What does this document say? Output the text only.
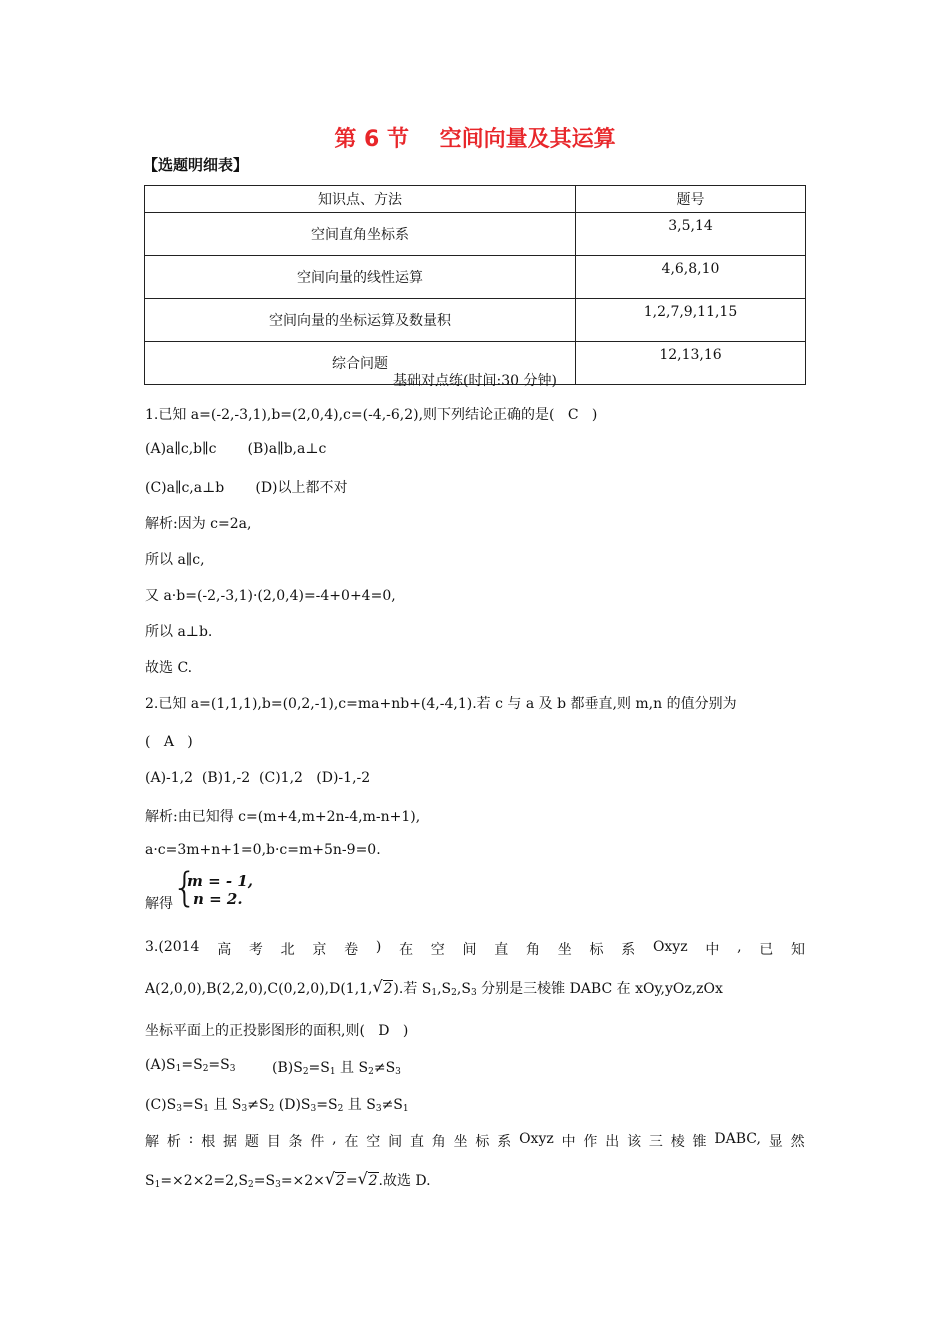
第 6 节    空间向量及其运算
【选题明细表】
知识点、方法	题号
空间直角坐标系	3,5,14
空间向量的线性运算	4,6,8,10
空间向量的坐标运算及数量积	1,2,7,9,11,15
综合问题	12,13,16
基础对点练(时间:30 分钟)
1.已知 a=(-2,-3,1),b=(2,0,4),c=(-4,-6,2),则下列结论正确的是(   C   )
(A)a∥c,b∥c       (B)a∥b,a⊥c
(C)a∥c,a⊥b       (D)以上都不对
解析:因为 c=2a,
所以 a∥c,
又 a·b=(-2,-3,1)·(2,0,4)=-4+0+4=0,
所以 a⊥b.
故选 C.
2.已知 a=(1,1,1),b=(0,2,-1),c=ma+nb+(4,-4,1).若 c 与 a 及 b 都垂直,则 m,n 的值分别为
(   A   )
(A)-1,2  (B)1,-2  (C)1,2   (D)-1,-2
解析:由已知得 c=(m+4,m+2n-4,m-n+1),
a·c=3m+n+1=0,b·c=m+5n-9=0.
解得 {
m = - 1,
n = 2.
3.(2014 高 考 北 京 卷 ) 在 空 间 直 角 坐 标 系 Oxyz 中 , 已 知
A(2,0,0),B(2,2,0),C(0,2,0),D(1,1, √ 2).若 $S_1,S_2,S_3$ 分别是三棱锥 DABC 在 xOy,yOz,zOx
坐标平面上的正投影图形的面积,则(   D   )
$(A)S_1=S_2=S_3$	$(B)S_2=S_1$ 且 $S_2\ne S_3$
$(C)S_3=S_1$ 且 $S_3\ne S_2$ $(D)S_3=S_2$ 且 $S_3\ne S_1$
解 析 : 根 据 题 目 条 件 , 在 空 间 直 角 坐 标 系 Oxyz 中 作 出 该 三 棱 锥 DABC, 显 然
$S_1=\times 2\times 2=2,S_2=S_3=\times 2\times$ √ 2= √ 2.故选 D.
